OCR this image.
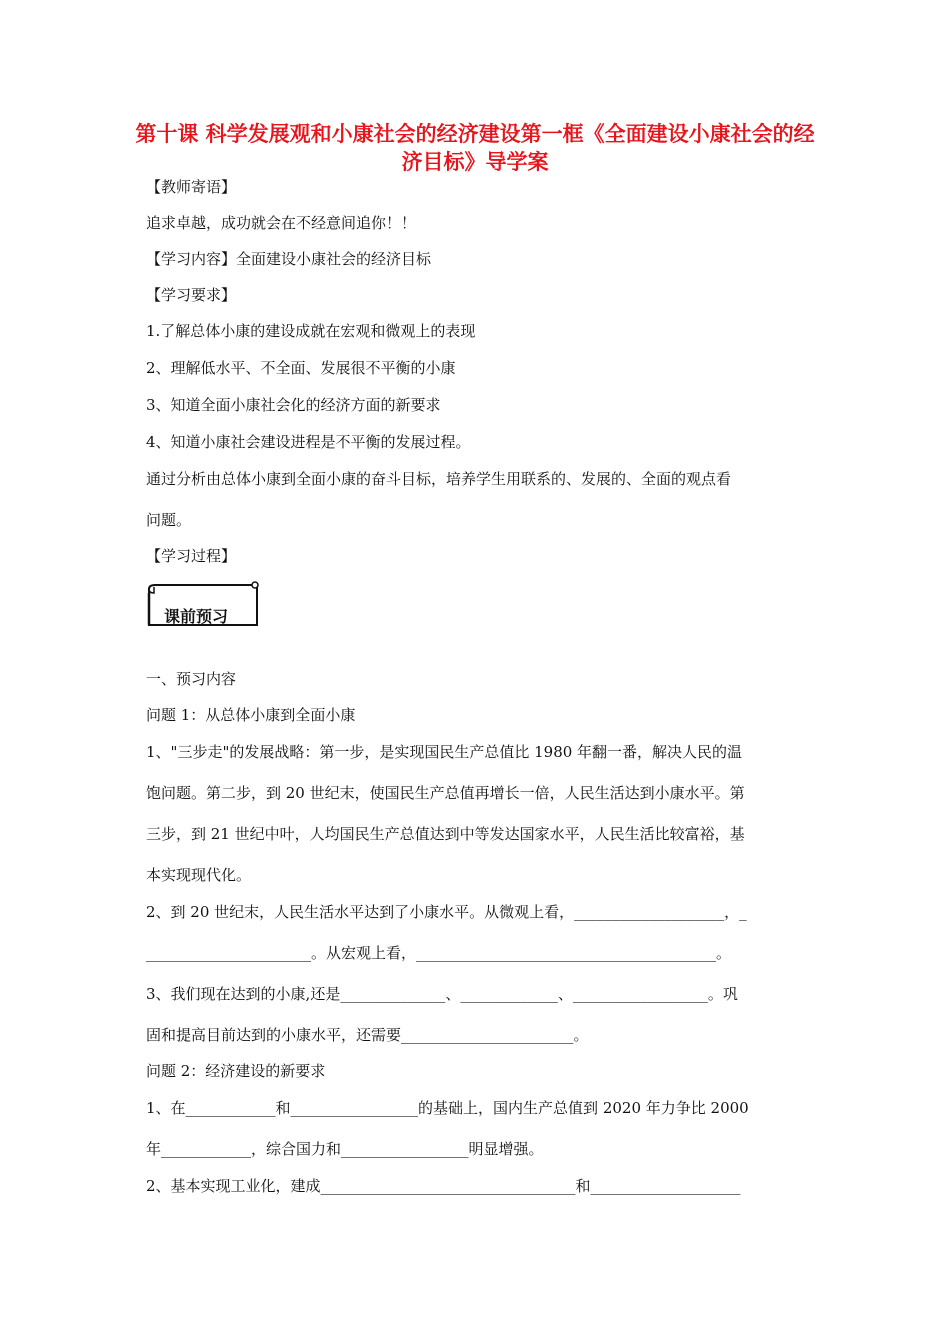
第十课 科学发展观和小康社会的经济建设第一框《全面建设小康社会的经济目标》导学案
【教师寄语】
追求卓越，成功就会在不经意间追你！！
【学习内容】全面建设小康社会的经济目标
【学习要求】
1.了解总体小康的建设成就在宏观和微观上的表现
2、理解低水平、不全面、发展很不平衡的小康
3、知道全面小康社会化的经济方面的新要求
4、知道小康社会建设进程是不平衡的发展过程。
通过分析由总体小康到全面小康的奋斗目标，培养学生用联系的、发展的、全面的观点看
问题。
【学习过程】
课前预习
一、预习内容
问题 1：从总体小康到全面小康
1、"三步走"的发展战略：第一步，是实现国民生产总值比 1980 年翻一番，解决人民的温
饱问题。第二步，到 20 世纪末，使国民生产总值再增长一倍，人民生活达到小康水平。第
三步，到 21 世纪中叶，人均国民生产总值达到中等发达国家水平，人民生活比较富裕，基
本实现现代化。
2、到 20 世纪末，人民生活水平达到了小康水平。从微观上看，____________________，_
______________________。从宏观上看，________________________________________。
3、我们现在达到的小康,还是______________、_____________、__________________。巩
固和提高目前达到的小康水平，还需要_______________________。
问题 2：经济建设的新要求
1、在____________和_________________的基础上，国内生产总值到 2020 年力争比 2000
年____________，综合国力和_________________明显增强。
2、基本实现工业化，建成__________________________________和____________________
